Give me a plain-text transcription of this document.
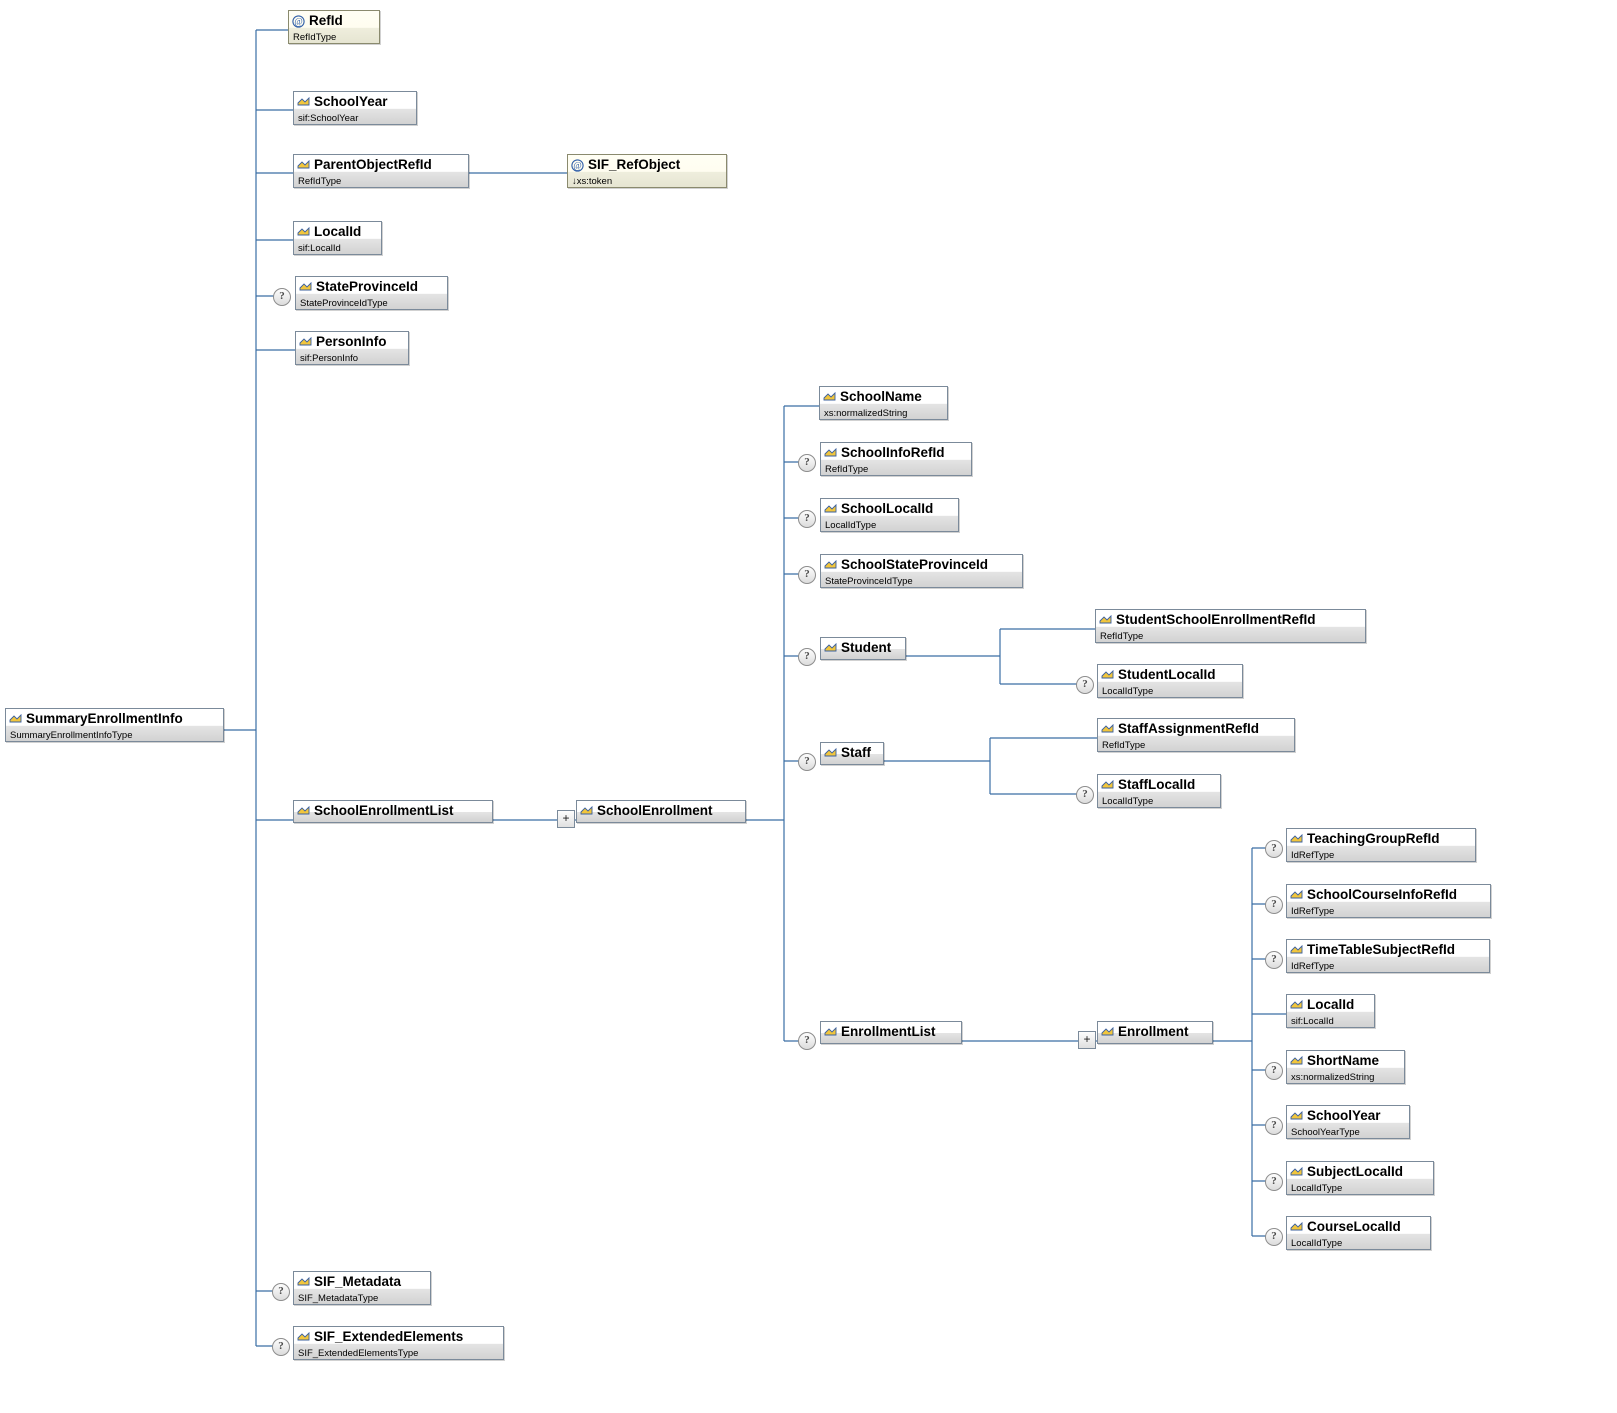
@ RefId
RefIdType
SchoolYear
sif:SchoolYear
ParentObjectRefId
RefIdType
@ SIF_RefObject
↓xs:token
LocalId
sif:LocalId
?
StateProvinceId
StateProvinceIdType
PersonInfo
sif:PersonInfo
SummaryEnrollmentInfo
SummaryEnrollmentInfoType
SchoolEnrollmentList	+	SchoolEnrollment
SchoolName
xs:normalizedString
?
SchoolInfoRefId
RefIdType
?
SchoolLocalId
LocalIdType
?
SchoolStateProvinceId
StateProvinceIdType
?
Student
StudentSchoolEnrollmentRefId
RefIdType
?
StudentLocalId
LocalIdType
?
Staff
StaffAssignmentRefId
RefIdType
?
StaffLocalId
LocalIdType
?
EnrollmentList	+	Enrollment
?
TeachingGroupRefId
IdRefType
?
SchoolCourseInfoRefId
IdRefType
?
TimeTableSubjectRefId
IdRefType
LocalId
sif:LocalId
?
ShortName
xs:normalizedString
?
SchoolYear
SchoolYearType
?
SubjectLocalId
LocalIdType
?
CourseLocalId
LocalIdType
?
SIF_Metadata
SIF_MetadataType
?
SIF_ExtendedElements
SIF_ExtendedElementsType
